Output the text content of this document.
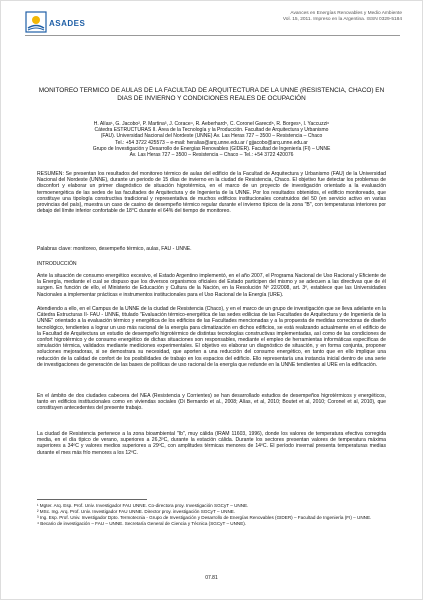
ASADES
Avances en Energías Renovables y Medio Ambiente
Vol. 15, 2011. Impreso en la Argentina. ISSN 0329-5184
MONITOREO TERMICO DE AULAS DE LA FACULTAD DE ARQUITECTURA DE LA UNNE (RESISTENCIA, CHACO) EN DIAS DE INVIERNO Y CONDICIONES REALES DE OCUPACIÓN
H. Alías¹, G. Jacobo², P. Martina³, J. Corace⁴, R. Aeberhard⁵, C. Coronel Garecd⁶, R. Borges⁶, I. Yaccuzzi⁶
Cátedra ESTRUCTURAS II. Área de la Tecnología y la Producción. Facultad de Arquitectura y Urbanismo
(FAU). Universidad Nacional del Nordeste (UNNE) Av. Las Heras 727 – 3500 – Resistencia – Chaco
Tel.: +54 3722 425573 – e-mail: heralias@arq.unne.edu.ar / gjjacobo@arq.unne.edu.ar
Grupo de Investigación y Desarrollo de Energías Renovables (GIDER). Facultad de Ingeniería (FI) – UNNE
Av. Las Heras 727 – 3500 – Resistencia – Chaco – Tel.: +54 3722 420076
RESUMEN: Se presentan los resultados del monitoreo térmico de aulas del edificio de la Facultad de Arquitectura y Urbanismo (FAU) de la Universidad Nacional del Nordeste (UNNE), durante un periodo de 15 días de invierno en la ciudad de Resistencia, Chaco. El objetivo fue detectar los problemas de disconfort y elaborar un primer diagnóstico de situación higrotérmica, en el marco de un proyecto de investigación orientado a la evaluación termoenergética de las sedes de las facultades de Arquitectura y de Ingeniería de la UNNE. Por los resultados obtenidos, el edificio monitoreado, que constituye una tipología constructiva tradicional y representativa de muchos edificios institucionales construidos del 50 (en servicio activo en varias provincias del país), muestra un caso de casino de desempeño térmico regular durante el invierno típicos de la zona "B", con temperaturas interiores por debajo del límite inferior confortable de 18°C durante el 64% del tiempo de monitoreo.
Palabras clave: monitoreo, desempeño térmico, aulas, FAU - UNNE.
INTRODUCCIÓN
Ante la situación de consumo energético excesivo, el Estado Argentino implementó, en el año 2007, el Programa Nacional de Uso Racional y Eficiente de la Energía, mediante el cual se dispuso que los diversos organismos oficiales del Estado participen del mismo y se adecuen a las directivas que de él surgen. En función de ello, el Ministerio de Educación y Cultura de la Nación, en la Resolución Nº 22/2008, art. 3º, establece que las Universidades Nacionales a implementar prácticas e instrumentos institucionales para el Uso Racional de la Energía (URE).
Atendiendo a ello, en el Campus de la UNNE de la ciudad de Resistencia (Chaco), y en el marco de un grupo de investigación que se lleva adelante en la Cátedra Estructuras II- FAU - UNNE, titulado "Evaluación térmico-energética de las sedes edilicias de las Facultades de Arquitectura y de Ingeniería de la UNNE" orientado a la evaluación térmico y energética de los edificios de las Facultades mencionadas y a la propuesta de medidas correctoras de diseño tecnológico, tendientes a lograr un uso más racional de la energía para climatización en dichos edificios, se está realizando actualmente en el edificio de la Facultad de Arquitectura un estudio de desempeño higrotérmico de distintas tecnologías constructivas implementadas, así como de las condiciones de confort higrotérmico y de consumo energético de dichas situaciones son responsables, mediante el empleo de herramientas informáticas específicas de simulación térmica, validados mediante mediciones experimentales. El objetivo es elaborar un diagnóstico de situación, y en forma conjunta, proponer soluciones mejoradoras, si se demostrara su necesidad, que aporten a una reducción del consumo energético, en tanto que en ello implique una reducción de la calidad de confort de los posibilidades de trabajo en los espacios del edificio. Ello representaría una instancia inicial dentro de una serie de investigaciones de generación de las bases de políticas de uso racional de la energía que redunde en la UNNE tendientes al URE en la edificación.
En el ámbito de dos ciudades cabecera del NEA (Resistencia y Corrientes) se han desarrollado estudios de desempeños higrotérmicos y energéticos, tanto en edificios institucionales como en viviendas sociales (Di Bernardo et al., 2008; Alías, et al, 2010; Boutet et al, 2010; Coronel et al, 2010), que constituyen antecedentes del presente trabajo.
La ciudad de Resistencia pertenece a la zona bioambiental "Ib", muy cálida (IRAM 11603, 1996), donde los valores de temperatura efectiva corregida media, en el día típico de verano, superiores a 26,3ºC, durante la estación cálida. Durante los sectores presentan valores de temperatura máxima superiores a 34ºC y valores medios superiores a 29ºC, con amplitudes térmicas menores de 14ºC. El período invernal presenta temperaturas medias durante el mes más frío menores a los 12ºC.
¹ Mgter. Arq. Esp. Prof. Univ. Investigador FAU UNNE. Co-directora proy. Investigación SGCyT – UNNE.
² MSc. Ing. Arq. Prof. Univ. Investigador FAU UNNE. Director proy. investigación SGCyT – UNNE.
³ Ing. Esp. Prof. Univ. Investigador Dpto. Termotecnia - Grupo de Investigación y Desarrollo de Energías Renovables (GIDER) – Facultad de Ingeniería (FI) – UNNE.
⁴ Becario de investigación – FAU – UNNE. Secretaría General de Ciencia y Técnica (SGCyT – UNNE).
07.81
